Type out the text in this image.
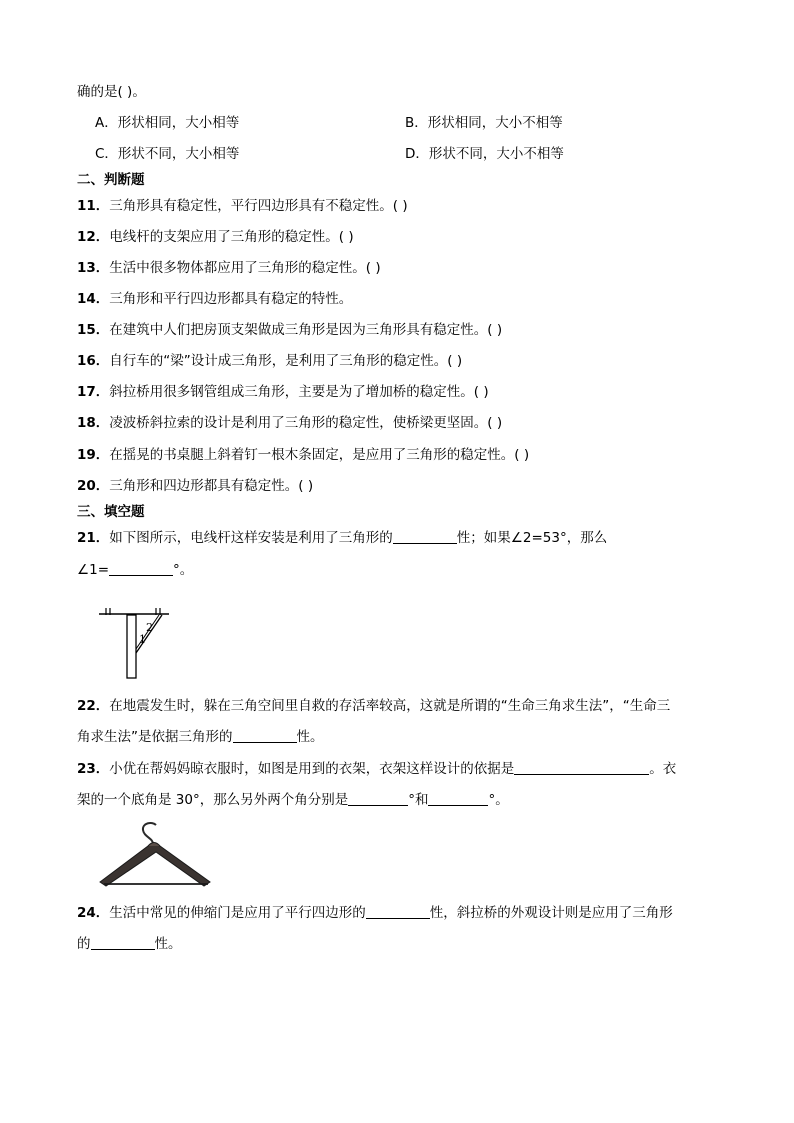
确的是( )。
A．形状相同，大小相等	B．形状相同，大小不相等
C．形状不同，大小相等	D．形状不同，大小不相等
二、判断题
11．三角形具有稳定性，平行四边形具有不稳定性。( )
12．电线杆的支架应用了三角形的稳定性。( )
13．生活中很多物体都应用了三角形的稳定性。( )
14．三角形和平行四边形都具有稳定的特性。
15．在建筑中人们把房顶支架做成三角形是因为三角形具有稳定性。( )
16．自行车的“梁”设计成三角形，是利用了三角形的稳定性。( )
17．斜拉桥用很多钢管组成三角形，主要是为了增加桥的稳定性。( )
18．凌波桥斜拉索的设计是利用了三角形的稳定性，使桥梁更坚固。( )
19．在摇晃的书桌腿上斜着钉一根木条固定，是应用了三角形的稳定性。( )
20．三角形和四边形都具有稳定性。( )
三、填空题
21．如下图所示，电线杆这样安装是利用了三角形的	性；如果∠2=53°，那么
∠1=	°。
1
2
22．在地震发生时，躲在三角空间里自救的存活率较高，这就是所谓的“生命三角求生法”，“生命三
角求生法”是依据三角形的	性。
23．小优在帮妈妈晾衣服时，如图是用到的衣架，衣架这样设计的依据是	。衣
架的一个底角是 30°，那么另外两个角分别是	°和	°。
24．生活中常见的伸缩门是应用了平行四边形的	性，斜拉桥的外观设计则是应用了三角形
的	性。
